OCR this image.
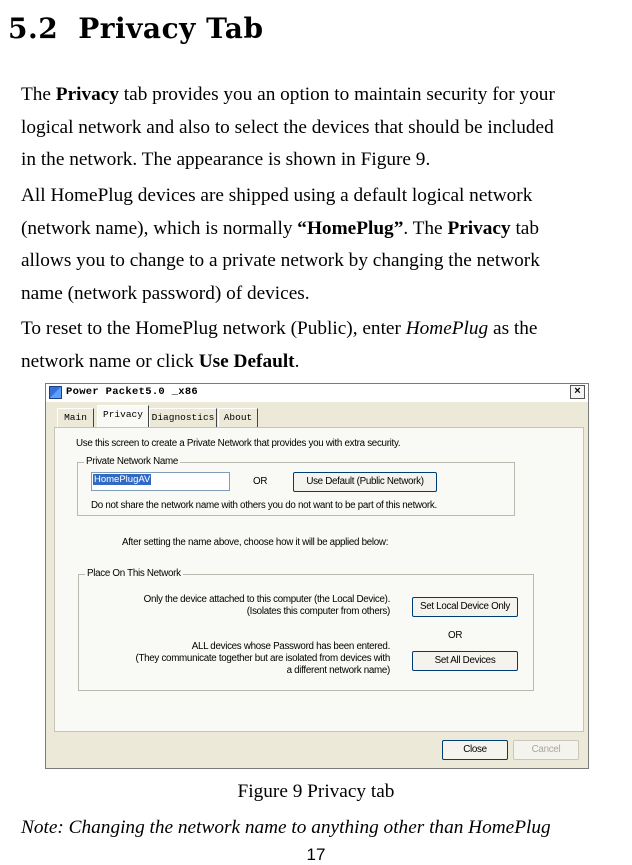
5.2 Privacy Tab

The Privacy tab provides you an option to maintain security for your
logical network and also to select the devices that should be included
in the network. The appearance is shown in Figure 9.

All HomePlug devices are shipped using a default logical network
(network name), which is normally “HomePlug”. The Privacy tab
allows you to change to a private network by changing the network
name (network password) of devices.

To reset to the HomePlug network (Public), enter HomePlug as the
network name or click Use Default.

Power Packet5.0 _x86	×
Main	Privacy Diagnostics About
Use this screen to create a Private Network that provides you with extra security.
Private Network Name
HomePlugAV	OR	Use Default (Public Network)
Do not share the network name with others you do not want to be part of this network.
After setting the name above, choose how it will be applied below:
Place On This Network
Only the device attached to this computer (the Local Device).
(Isolates this computer from others)	Set Local Device Only
OR
ALL devices whose Password has been entered.
(They communicate together but are isolated from devices with
a different network name)
Set All Devices
Close	Cancel
Figure 9 Privacy tab
Note: Changing the network name to anything other than HomePlug
17
